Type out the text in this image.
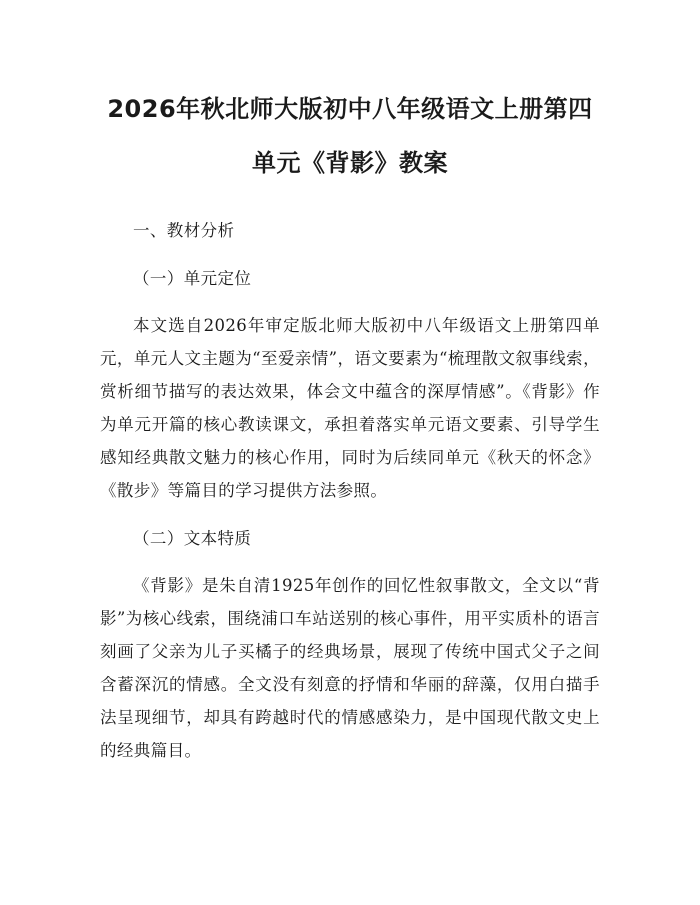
2026年秋北师大版初中八年级语文上册第四
单元《背影》教案

一、教材分析

（一）单元定位

本文选自2026年审定版北师大版初中八年级语文上册第四单元，单元人文主题为“至爱亲情”，语文要素为“梳理散文叙事线索，赏析细节描写的表达效果，体会文中蕴含的深厚情感”。《背影》作为单元开篇的核心教读课文，承担着落实单元语文要素、引导学生感知经典散文魅力的核心作用，同时为后续同单元《秋天的怀念》《散步》等篇目的学习提供方法参照。

（二）文本特质

《背影》是朱自清1925年创作的回忆性叙事散文，全文以“背影”为核心线索，围绕浦口车站送别的核心事件，用平实质朴的语言刻画了父亲为儿子买橘子的经典场景，展现了传统中国式父子之间含蓄深沉的情感。全文没有刻意的抒情和华丽的辞藻，仅用白描手法呈现细节，却具有跨越时代的情感感染力，是中国现代散文史上的经典篇目。
